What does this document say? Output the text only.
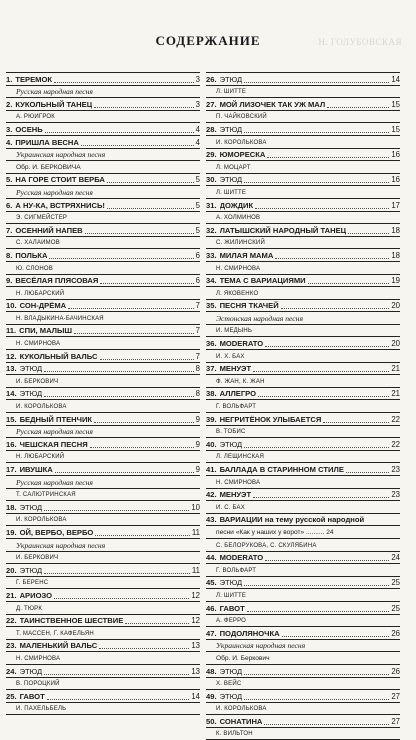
СОДЕРЖАНИЕ	Н. ГОЛУБОВСКАЯ
1. ТЕРЕМОК	3
Русская народная песня
2. КУКОЛЬНЫЙ ТАНЕЦ	3
А. РЮИГРОК
3. ОСЕНЬ	4
4. ПРИШЛА ВЕСНА	4
Украинская народная песня
Обр. И. БЕРКОВИЧА
5. НА ГОРЕ СТОИТ ВЕРБА	5
Русская народная песня
6. А НУ-КА, ВСТРЯХНИСЬ!	5
Э. СИГМЕЙСТЕР
7. ОСЕННИЙ НАПЕВ	5
С. ХАЛАИМОВ
8. ПОЛЬКА	6
Ю. СЛОНОВ
9. ВЕСЁЛАЯ ПЛЯСОВАЯ	6
Н. ЛЮБАРСКИЙ
10. СОН-ДРЁМА	7
Н. ВЛАДЫКИНА-БАЧИНСКАЯ
11. СПИ, МАЛЫШ	7
Н. СМИРНОВА
12. КУКОЛЬНЫЙ ВАЛЬС	7
13. ЭТЮД	8
И. БЕРКОВИЧ
14. ЭТЮД	8
И. КОРОЛЬКОВА
15. БЕДНЫЙ ПТЕНЧИК	9
Русская народная песня
16. ЧЕШСКАЯ ПЕСНЯ	9
Н. ЛЮБАРСКИЙ
17. ИВУШКА	9
Русская народная песня
Т. САЛЮТРИНСКАЯ
18. ЭТЮД	10
И. КОРОЛЬКОВА
19. ОЙ, ВЕРБО, ВЕРБО	11
Украинская народная песня
И. БЕРКОВИЧ
20. ЭТЮД	11
Г. БЕРЕНС
21. АРИОЗО	12
Д. ТЮРК
22. ТАИНСТВЕННОЕ ШЕСТВИЕ	12
Т. МАССЕН, Г. КАФЕЛЬЯН
23. МАЛЕНЬКИЙ ВАЛЬС	13
Н. СМИРНОВА
24. ЭТЮД	13
В. ПОРОЦКИЙ
25. ГАВОТ	14
И. ПАХЕЛЬБЕЛЬ
26. ЭТЮД	14
Л. ШИТТЕ
27. МОЙ ЛИЗОЧЕК ТАК УЖ МАЛ	15
П. ЧАЙКОВСКИЙ
28. ЭТЮД	15
И. КОРОЛЬКОВА
29. ЮМОРЕСКА	16
Л. МОЦАРТ
30. ЭТЮД	16
Л. ШИТТЕ
31. ДОЖДИК	17
А. ХОЛМИНОВ
32. ЛАТЫШСКИЙ НАРОДНЫЙ ТАНЕЦ	18
С. ЖИЛИНСКИЙ
33. МИЛАЯ МАМА	18
Н. СМИРНОВА
34. ТЕМА С ВАРИАЦИЯМИ	19
Л. ЯКОВЕНКО
35. ПЕСНЯ ТКАЧЕЙ	20
Эстонская народная песня
И. МЕДЫНЬ
36. MODERATO	20
И. Х. БАХ
37. МЕНУЭТ	21
Ф. ЖАН, К. ЖАН
38. АЛЛЕГРО	21
Г. ВОЛЬФАРТ
39. НЕГРИТЁНОК УЛЫБАЕТСЯ	22
В. ТОБИС
40. ЭТЮД	22
Л. ЛЕЩИНСКАЯ
41. БАЛЛАДА В СТАРИННОМ СТИЛЕ	23
Н. СМИРНОВА
42. МЕНУЭТ	23
И. С. БАХ
43. ВАРИАЦИИ на тему русской народной
песни «Как у наших у ворот» .......... 24
С. БЕЛОРУКОВА, С. СКУЛЯБИНА
44. MODERATO	24
Г. ВОЛЬФАРТ
45. ЭТЮД	25
Л. ШИТТЕ
46. ГАВОТ	25
А. ФЕРРО
47. ПОДОЛЯНОЧКА	26
Украинская народная песня
Обр. И. Беркович
48. ЭТЮД	26
Х. ВЕЙС
49. ЭТЮД	27
И. КОРОЛЬКОВА
50. СОНАТИНА	27
К. ВИЛЬТОН
